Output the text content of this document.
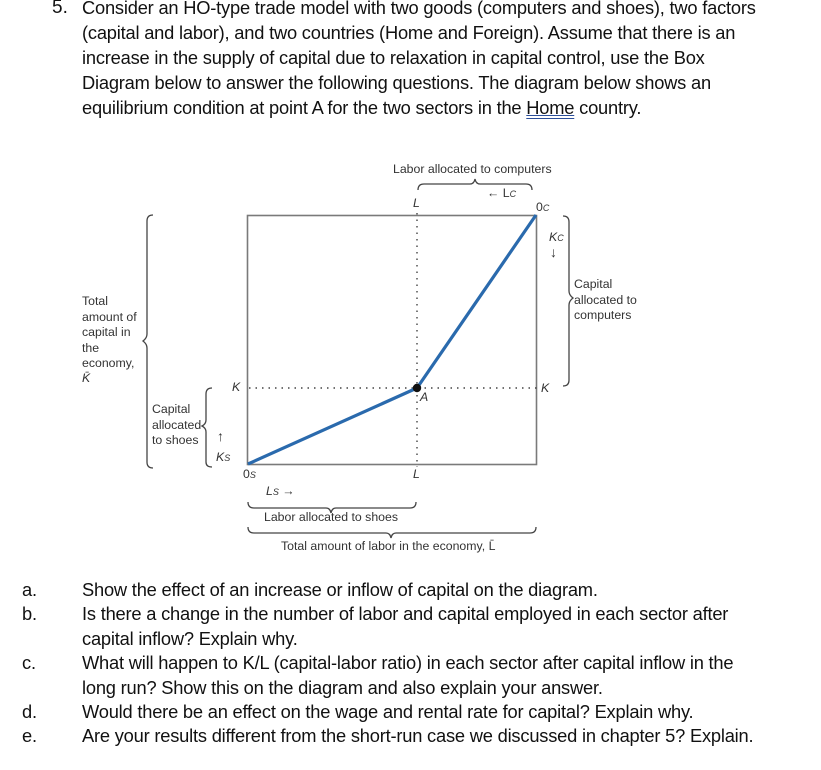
5. Consider an HO-type trade model with two goods (computers and shoes), two factors (capital and labor), and two countries (Home and Foreign). Assume that there is an increase in the supply of capital due to relaxation in capital control, use the Box Diagram below to answer the following questions. The diagram below shows an equilibrium condition at point A for the two sectors in the Home country.
Labor allocated to computers
← LC
L	0C
KC
↓
Capital allocated to computers
Total
amount of
capital in
the
economy,
K̄
Capital
allocated
to shoes
K	K
↑
KS
A
0S	L
LS →
Labor allocated to shoes
Total amount of labor in the economy, L̄
a. Show the effect of an increase or inflow of capital on the diagram.
b. Is there a change in the number of labor and capital employed in each sector after capital inflow? Explain why.
c.	What will happen to K/L (capital-labor ratio) in each sector after capital inflow in the long run? Show this on the diagram and also explain your answer.
d. Would there be an effect on the wage and rental rate for capital? Explain why.
e. Are your results different from the short-run case we discussed in chapter 5? Explain.
